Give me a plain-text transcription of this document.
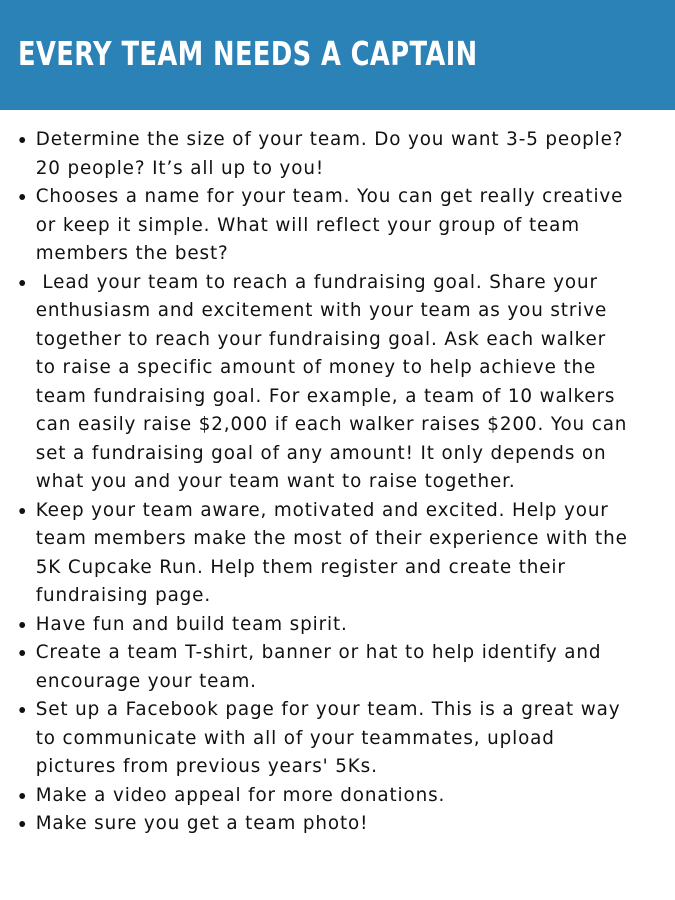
EVERY TEAM NEEDS A CAPTAIN
Determine the size of your team. Do you want 3-5 people? 20 people? It’s all up to you!
Chooses a name for your team. You can get really creative or keep it simple. What will reflect your group of team members the best?
Lead your team to reach a fundraising goal. Share your enthusiasm and excitement with your team as you strive together to reach your fundraising goal. Ask each walker to raise a specific amount of money to help achieve the team fundraising goal. For example, a team of 10 walkers can easily raise $2,000 if each walker raises $200. You can set a fundraising goal of any amount! It only depends on what you and your team want to raise together.
Keep your team aware, motivated and excited. Help your team members make the most of their experience with the 5K Cupcake Run. Help them register and create their fundraising page.
Have fun and build team spirit.
Create a team T-shirt, banner or hat to help identify and encourage your team.
Set up a Facebook page for your team. This is a great way to communicate with all of your teammates, upload pictures from previous years' 5Ks.
Make a video appeal for more donations.
Make sure you get a team photo!
